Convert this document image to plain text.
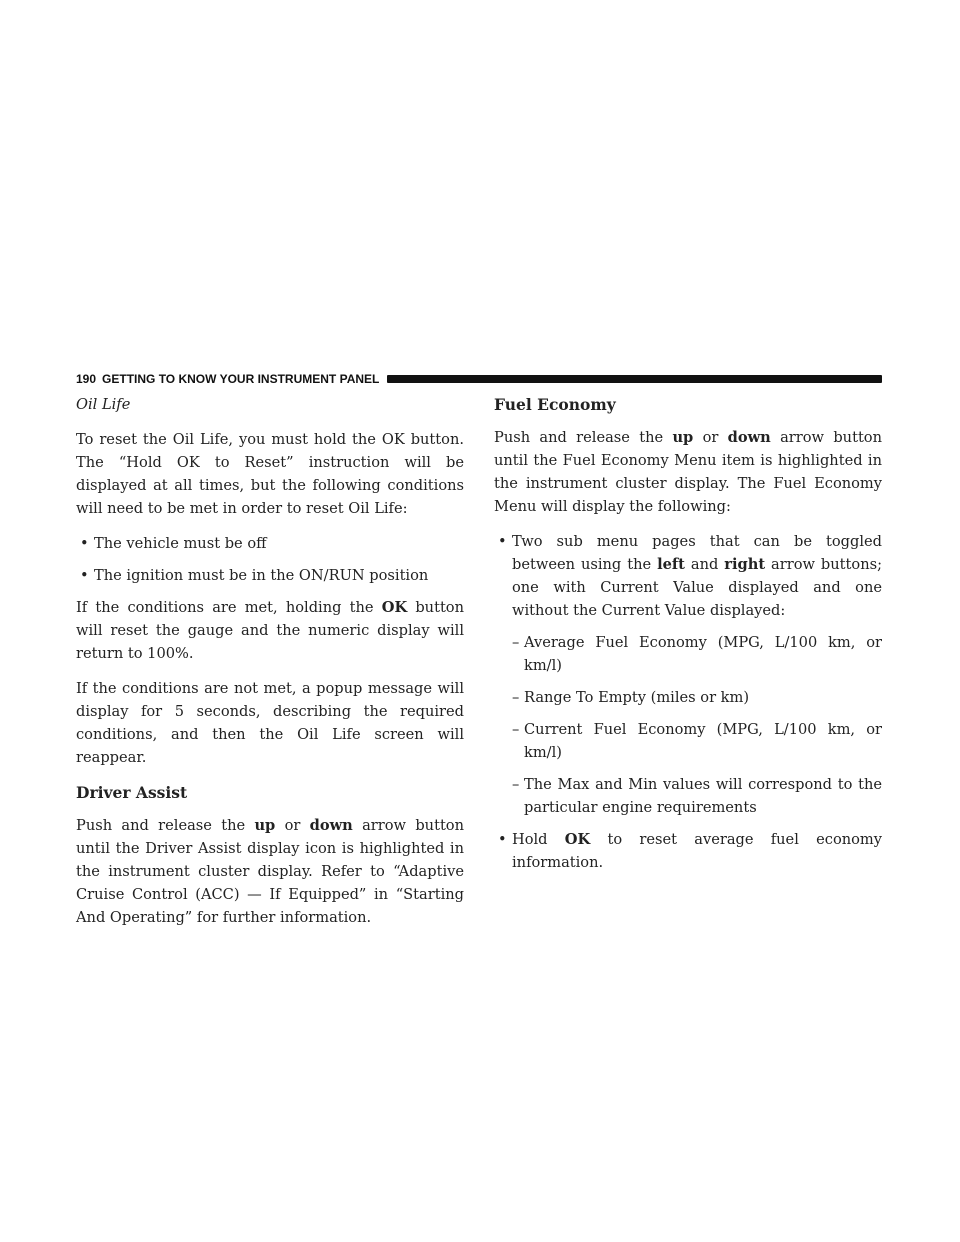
190 GETTING TO KNOW YOUR INSTRUMENT PANEL

Oil Life

To reset the Oil Life, you must hold the OK button. The “Hold OK to Reset” instruction will be displayed at all times, but the following conditions will need to be met in order to reset Oil Life:

• The vehicle must be off

• The ignition must be in the ON/RUN position

If the conditions are met, holding the OK button will reset the gauge and the numeric display will return to 100%.

If the conditions are not met, a popup message will display for 5 seconds, describing the required conditions, and then the Oil Life screen will reappear.

Driver Assist

Push and release the up or down arrow button until the Driver Assist display icon is highlighted in the instrument cluster display. Refer to “Adaptive Cruise Control (ACC) — If Equipped” in “Starting And Operating” for further information.

Fuel Economy

Push and release the up or down arrow button until the Fuel Economy Menu item is highlighted in the instrument cluster display. The Fuel Economy Menu will display the following:

• Two sub menu pages that can be toggled between using the left and right arrow buttons; one with Current Value displayed and one without the Current Value displayed:

– Average Fuel Economy (MPG, L/100 km, or km/l)

– Range To Empty (miles or km)

– Current Fuel Economy (MPG, L/100 km, or km/l)

– The Max and Min values will correspond to the particular engine requirements

• Hold OK to reset average fuel economy information.
